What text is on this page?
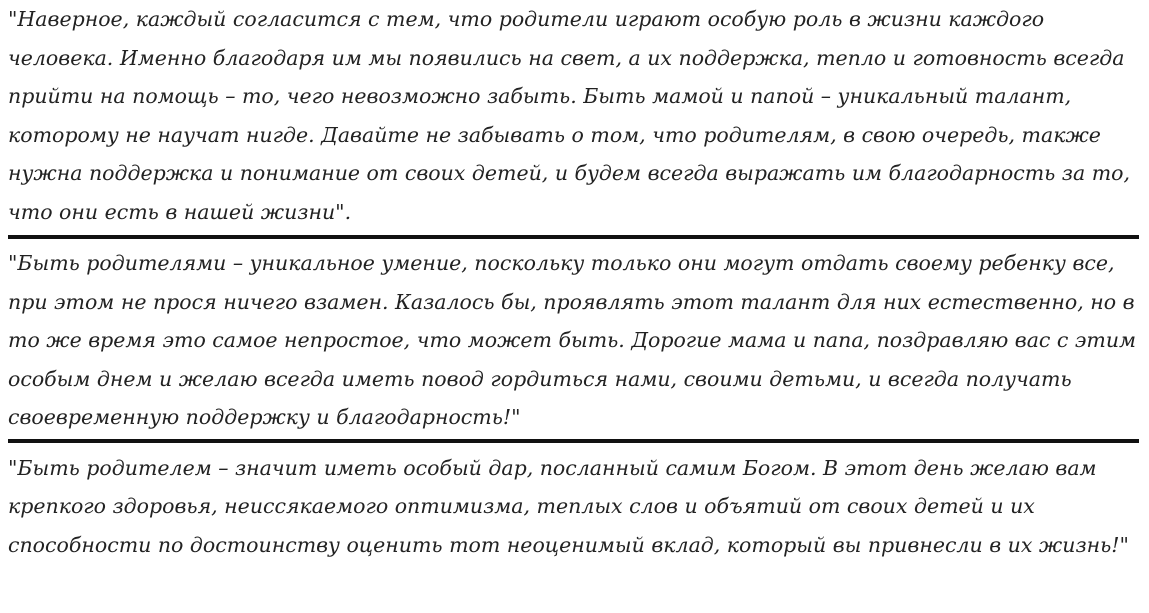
"Наверное, каждый согласится с тем, что родители играют особую роль в жизни каждого человека. Именно благодаря им мы появились на свет, а их поддержка, тепло и готовность всегда прийти на помощь – то, чего невозможно забыть. Быть мамой и папой – уникальный талант, которому не научат нигде. Давайте не забывать о том, что родителям, в свою очередь, также нужна поддержка и понимание от своих детей, и будем всегда выражать им благодарность за то, что они есть в нашей жизни".

"Быть родителями – уникальное умение, поскольку только они могут отдать своему ребенку все, при этом не прося ничего взамен. Казалось бы, проявлять этот талант для них естественно, но в то же время это самое непростое, что может быть. Дорогие мама и папа, поздравляю вас с этим особым днем и желаю всегда иметь повод гордиться нами, своими детьми, и всегда получать своевременную поддержку и благодарность!"

"Быть родителем – значит иметь особый дар, посланный самим Богом. В этот день желаю вам крепкого здоровья, неиссякаемого оптимизма, теплых слов и объятий от своих детей и их способности по достоинству оценить тот неоценимый вклад, который вы привнесли в их жизнь!"
